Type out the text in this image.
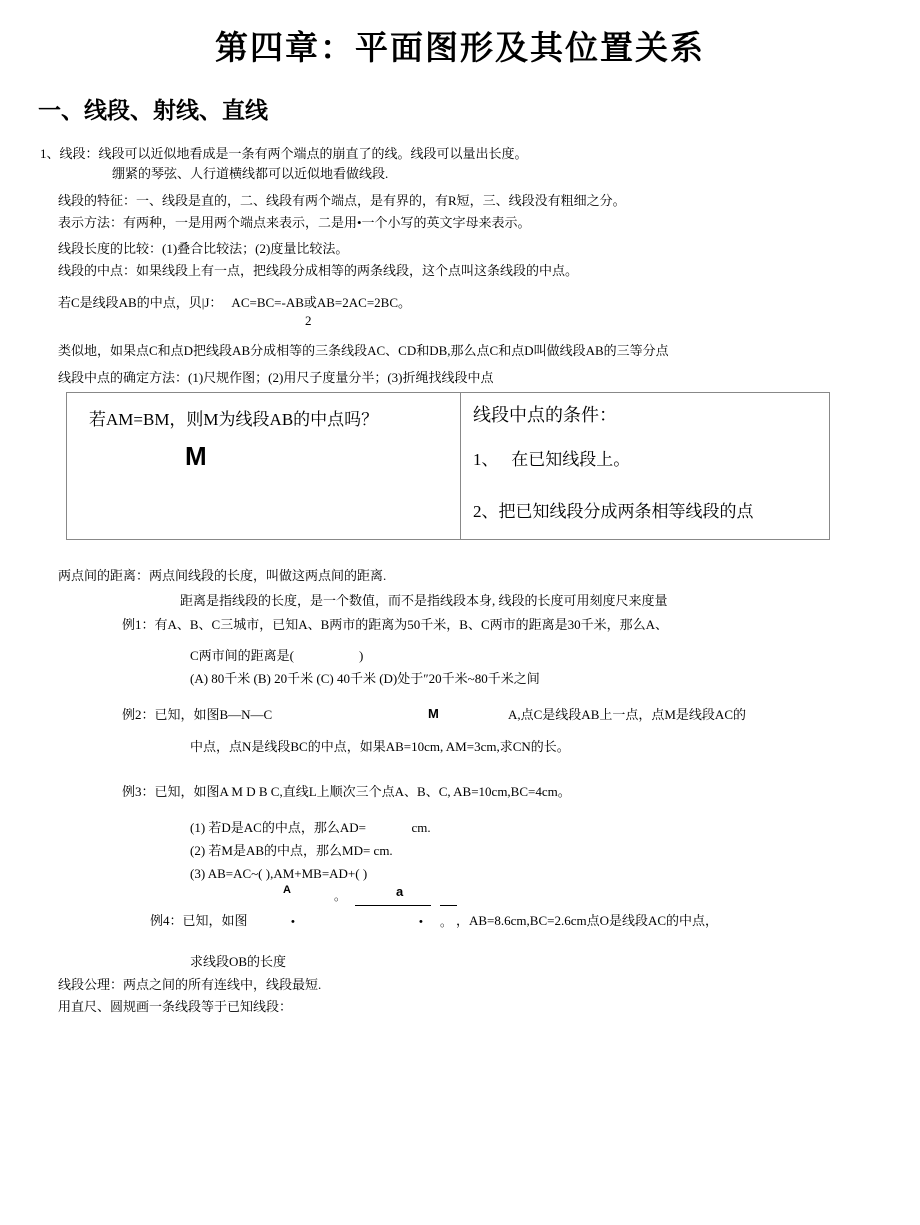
第四章：平面图形及其位置关系
一、线段、射线、直线
1、线段：线段可以近似地看成是一条有两个端点的崩直了的线。线段可以量出长度。
绷紧的琴弦、人行道横线都可以近似地看做线段.
线段的特征：一、线段是直的，二、线段有两个端点，是有界的，有R短，三、线段没有粗细之分。
表示方法：有两种，一是用两个端点来表示，二是用•一个小写的英文字母来表示。
线段长度的比较：(1)叠合比较法；(2)度量比较法。
线段的中点：如果线段上有一点，把线段分成相等的两条线段，这个点叫这条线段的中点。
若C是线段AB的中点，贝|J：   AC=BC=-AB或AB=2AC=2BC。
2
类似地，如果点C和点D把线段AB分成相等的三条线段AC、CD和DB,那么点C和点D叫做线段AB的三等分点
线段中点的确定方法：(1)尺规作图；(2)用尺子度量分半；(3)折绳找线段中点
若AM=BM，则M为线段AB的中点吗？
M
线段中点的条件：
1、   在已知线段上。
2、把已知线段分成两条相等线段的点
两点间的距离：两点间线段的长度，叫做这两点间的距离.
距离是指线段的长度，是一个数值，而不是指线段本身, 线段的长度可用刻度尺来度量
例1：有A、B、C三城市，已知A、B两市的距离为50千米，B、C两市的距离是30千米，那么A、
C两市间的距离是(                    )
(A) 80千米 (B) 20千米 (C) 40千米 (D)处于″20千米~80千米之间
例2：已知，如图B—N—C	M	A,点C是线段AB上一点，点M是线段AC的
中点，点N是线段BC的中点，如果AB=10cm, AM=3cm,求CN的长。
例3：已知，如图A M D B C,直线L上顺次三个点A、B、C, AB=10cm,BC=4cm。
(1) 若D是AC的中点，那么AD=              cm.
(2) 若M是AB的中点，那么MD= cm.
(3) AB=AC~( ),AM+MB=AD+( )
A	。	a
例4：已知，如图	•	• 。 ，AB=8.6cm,BC=2.6cm点O是线段AC的中点，
求线段OB的长度
线段公理：两点之间的所有连线中，线段最短.
用直尺、圆规画一条线段等于已知线段：
